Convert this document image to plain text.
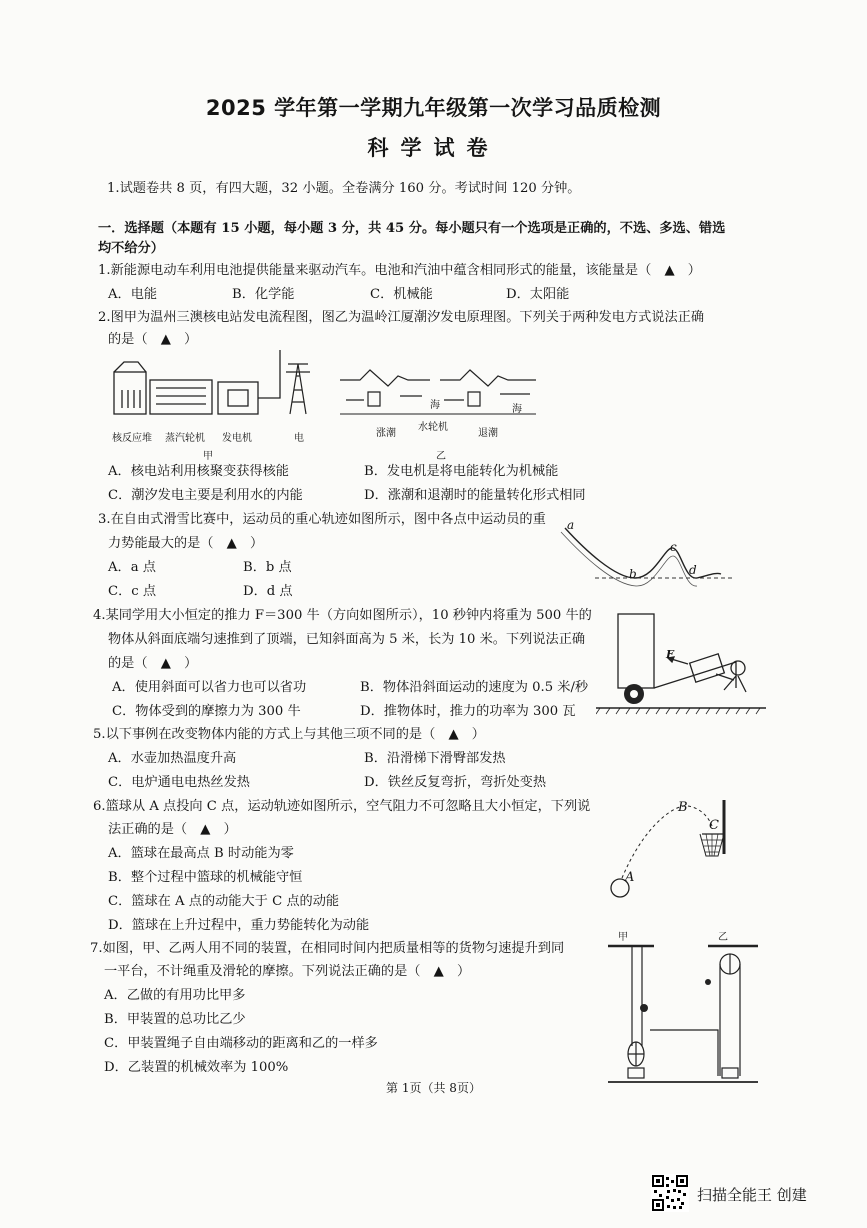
2025 学年第一学期九年级第一次学习品质检测
科学试卷
1.试题卷共 8 页，有四大题，32 小题。全卷满分 160 分。考试时间 120 分钟。
一．选择题（本题有 15 小题，每小题 3 分，共 45 分。每小题只有一个选项是正确的，不选、多选、错选
均不给分）
1.新能源电动车利用电池提供能量来驱动汽车。电池和汽油中蕴含相同形式的能量，该能量是（　▲　）
A．电能	B．化学能	C．机械能	D．太阳能
2.图甲为温州三澳核电站发电流程图，图乙为温岭江厦潮汐发电原理图。下列关于两种发电方式说法正确
的是（　▲　）
核反应堆 蒸汽轮机 发电机	电
甲
海	海
涨潮
水轮机
退潮
乙
A．核电站利用核聚变获得核能	B．发电机是将电能转化为机械能
C．潮汐发电主要是利用水的内能	D．涨潮和退潮时的能量转化形式相同
3.在自由式滑雪比赛中，运动员的重心轨迹如图所示，图中各点中运动员的重
力势能最大的是（　▲　）
A．a 点	B．b 点
C．c 点	D．d 点
a
b
c
d
4.某同学用大小恒定的推力 F＝300 牛（方向如图所示），10 秒钟内将重为 500 牛的
物体从斜面底端匀速推到了顶端，已知斜面高为 5 米，长为 10 米。下列说法正确
的是（　▲　）
A．使用斜面可以省力也可以省功	B．物体沿斜面运动的速度为 0.5 米/秒
C．物体受到的摩擦力为 300 牛	D．推物体时，推力的功率为 300 瓦
F
5.以下事例在改变物体内能的方式上与其他三项不同的是（　▲　）
A．水壶加热温度升高	B．沿滑梯下滑臀部发热
C．电炉通电电热丝发热	D．铁丝反复弯折，弯折处变热
6.篮球从 A 点投向 C 点，运动轨迹如图所示，空气阻力不可忽略且大小恒定，下列说
法正确的是（　▲　）
A．篮球在最高点 B 时动能为零
B．整个过程中篮球的机械能守恒
C．篮球在 A 点的动能大于 C 点的动能
D．篮球在上升过程中，重力势能转化为动能
B
C
A
7.如图，甲、乙两人用不同的装置，在相同时间内把质量相等的货物匀速提升到同
一平台，不计绳重及滑轮的摩擦。下列说法正确的是（　▲　）
A．乙做的有用功比甲多
B．甲装置的总功比乙少
C．甲装置绳子自由端移动的距离和乙的一样多
D．乙装置的机械效率为 100%
甲	乙
第 1页（共 8页）
扫描全能王 创建
